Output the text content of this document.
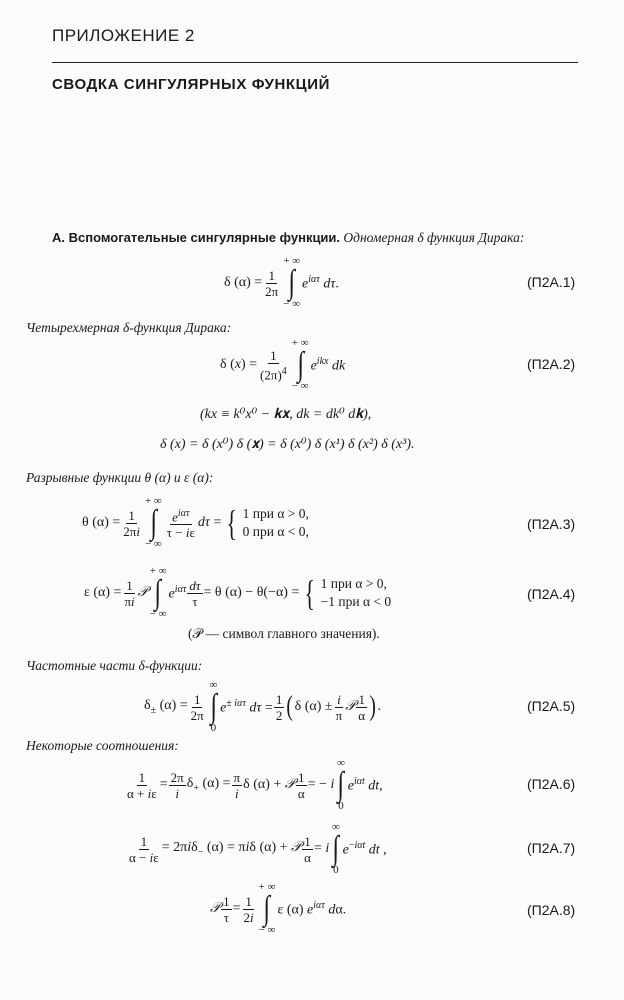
ПРИЛОЖЕНИЕ 2
СВОДКА СИНГУЛЯРНЫХ ФУНКЦИЙ
А. Вспомогательные сингулярные функции. Одномерная δ функция Дирака:
δ $(\alpha) = \frac{1}{2\pi}$
+ ∞
∫
− ∞
$e^{i\alpha\tau}$ dτ.	(П2А.1)
Четырехмерная δ-функция Дирака:
δ $(x) = \frac{1}{(2\pi)^4}$
+ ∞
∫
− ∞
$e^{ikx}$ dk	(П2А.2)
(kx ≡ k⁰x⁰ − 𝐤𝐱, dk = dk⁰ d𝐤),
δ (x) = δ (x⁰) δ (𝐱) = δ (x⁰) δ (x¹) δ (x²) δ (x³).
Разрывные функции θ (α) и ε (α):
θ $(\alpha) = \frac{1}{2\pi i}$
+ ∞
∫
− ∞
$\frac{e^{i\alpha\tau}}{\tau - i\varepsilon}$ dτ = { 1 при α > 0,
0 при α < 0,	(П2А.3)
ε $(\alpha) = \frac{1}{\pi i}$ 𝒫
+ ∞
∫
− ∞
$e^{i\alpha\tau} \frac{d\tau}{\tau} = \theta$ (α) − θ(−α) = { 1 при α > 0,
−1 при α < 0	(П2А.4)
(𝒫 — символ главного значения).
Частотные части δ-функции:
$\delta_\pm$ $(\alpha) = \frac{1}{2\pi}$
∞
∫
0
$e^{\pm i\alpha\tau}$ $d\tau = \frac{1}{2}$ ( δ $(\alpha) \pm \frac{i}{\pi}$ 𝒫 $\frac{1}{\alpha}$ ) .	(П2А.5)
Некоторые соотношения:
$\frac{1}{\alpha + i\varepsilon} = \frac{2\pi}{i} \delta_+$ $(\alpha) = \frac{\pi}{i}$ δ (α) + 𝒫 $\frac{1}{\alpha}$ = − i
∞
∫
0
$e^{i\alpha t}$ dt,	(П2А.6)
$\frac{1}{\alpha - i\varepsilon} = 2\pi i\delta_-$ (α) = πiδ (α) + 𝒫 $\frac{1}{\alpha} = i$
∞
∫
0
$e^{-i\alpha t}$ dt ,	(П2А.7)
𝒫 $\frac{1}{\tau} = \frac{1}{2i}$
+ ∞
∫
− ∞
ε (α) $e^{i\alpha\tau}$ dα.	(П2А.8)
